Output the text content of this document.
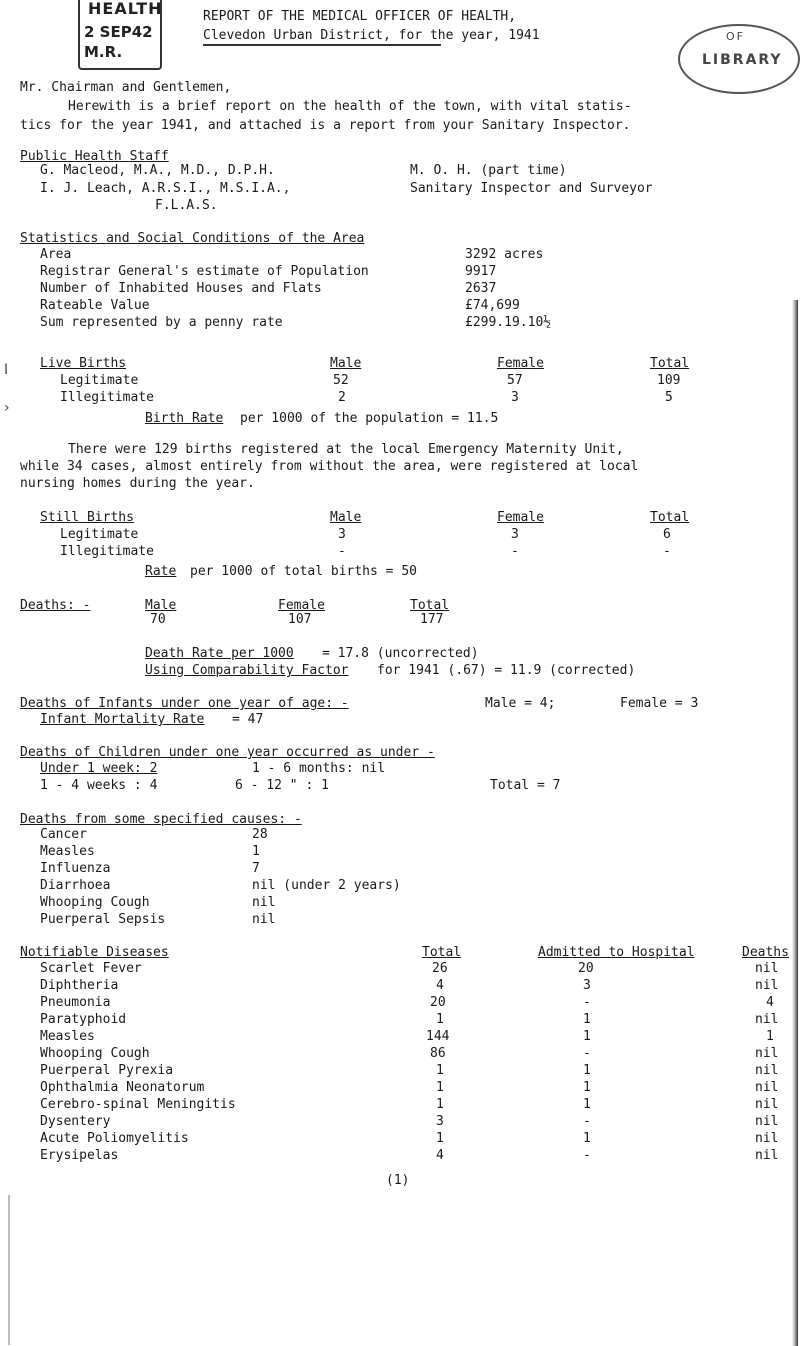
HEALTH
2 SEP42
M.R.
OF
LIBRARY
REPORT OF THE MEDICAL OFFICER OF HEALTH,
Clevedon Urban District, for the year, 1941
Mr. Chairman and Gentlemen,
Herewith is a brief report on the health of the town, with vital statis-
tics for the year 1941, and attached is a report from your Sanitary Inspector.
Public Health Staff
G. Macleod, M.A., M.D., D.P.H.	M. O. H. (part time)
I. J. Leach, A.R.S.I., M.S.I.A.,	Sanitary Inspector and Surveyor
F.L.A.S.
Statistics and Social Conditions of the Area
Area	3292 acres
Registrar General's estimate of Population	9917
Number of Inhabited Houses and Flats	2637
Rateable Value	£74,699
Sum represented by a penny rate	£299.19.10½
I
›
Live Births	Male	Female	Total
Legitimate	52	57	109
Illegitimate	2	3	5
Birth Rate per 1000 of the population = 11.5
There were 129 births registered at the local Emergency Maternity Unit,
while 34 cases, almost entirely from without the area, were registered at local
nursing homes during the year.
Still Births	Male	Female	Total
Legitimate	3	3	6
Illegitimate	-	-	-
Rate per 1000 of total births = 50
Deaths: -	Male	Female	Total
70	107	177
Death Rate per 1000 = 17.8 (uncorrected)
Using Comparability Factor for 1941 (.67) = 11.9 (corrected)
Deaths of Infants under one year of age: -	Male = 4;	Female = 3
Infant Mortality Rate = 47
Deaths of Children under one year occurred as under -
Under 1 week: 2	1 - 6 months: nil
1 - 4 weeks : 4	6 - 12 " : 1	Total = 7
Deaths from some specified causes: -
Cancer	28
Measles	1
Influenza	7
Diarrhoea	nil (under 2 years)
Whooping Cough	nil
Puerperal Sepsis	nil
Notifiable Diseases	Total	Admitted to Hospital	Deaths
Scarlet Fever	26	20	nil
Diphtheria	4	3	nil
Pneumonia	20	-	4
Paratyphoid	1	1	nil
Measles	144	1	1
Whooping Cough	86	-	nil
Puerperal Pyrexia	1	1	nil
Ophthalmia Neonatorum	1	1	nil
Cerebro-spinal Meningitis	1	1	nil
Dysentery	3	-	nil
Acute Poliomyelitis	1	1	nil
Erysipelas	4	-	nil
(1)
